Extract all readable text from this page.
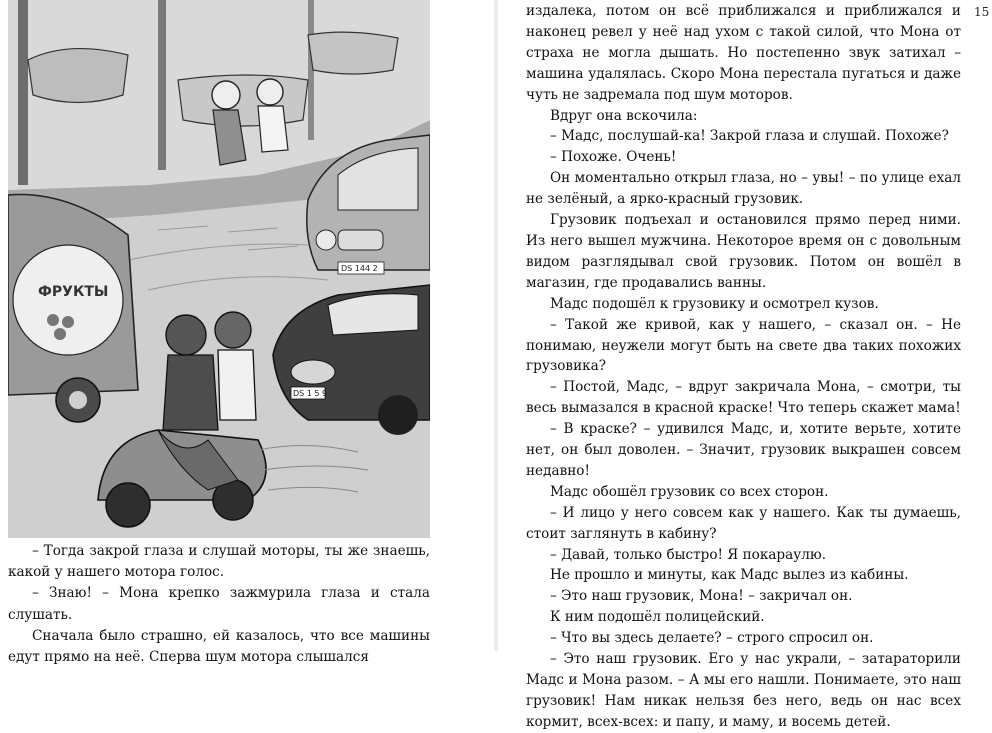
ФРУКТЫ
DS 144 2
DS 1 5 9

– Тогда закрой глаза и слушай моторы, ты же знаешь, какой у нашего мотора голос.

– Знаю! – Мона крепко зажмурила глаза и стала слушать.

Сначала было страшно, ей казалось, что все машины едут прямо на неё. Сперва шум мотора слышался

издалека, потом он всё приближался и приближался и наконец ревел у неё над ухом с такой силой, что Мона от страха не могла дышать. Но постепенно звук затихал – машина удалялась. Скоро Мона перестала пугаться и даже чуть не задремала под шум моторов.

Вдруг она вскочила:

– Мадс, послушай-ка! Закрой глаза и слушай. Похоже?

– Похоже. Очень!

Он моментально открыл глаза, но – увы! – по улице ехал не зелёный, а ярко-красный грузовик.

Грузовик подъехал и остановился прямо перед ними. Из него вышел мужчина. Некоторое время он с довольным видом разглядывал свой грузовик. Потом он вошёл в магазин, где продавались ванны.

Мадс подошёл к грузовику и осмотрел кузов.

– Такой же кривой, как у нашего, – сказал он. – Не понимаю, неужели могут быть на свете два таких похожих грузовика?

– Постой, Мадс, – вдруг закричала Мона, – смотри, ты весь вымазался в красной краске! Что теперь скажет мама!

– В краске? – удивился Мадс, и, хотите верьте, хотите нет, он был доволен. – Значит, грузовик выкрашен совсем недавно!

Мадс обошёл грузовик со всех сторон.

– И лицо у него совсем как у нашего. Как ты думаешь, стоит заглянуть в кабину?

– Давай, только быстро! Я покараулю.

Не прошло и минуты, как Мадс вылез из кабины.

– Это наш грузовик, Мона! – закричал он.

К ним подошёл полицейский.

– Что вы здесь делаете? – строго спросил он.

– Это наш грузовик. Его у нас украли, – затараторили Мадс и Мона разом. – А мы его нашли. Понимаете, это наш грузовик! Нам никак нельзя без него, ведь он нас всех кормит, всех-всех: и папу, и маму, и восемь детей.

15
